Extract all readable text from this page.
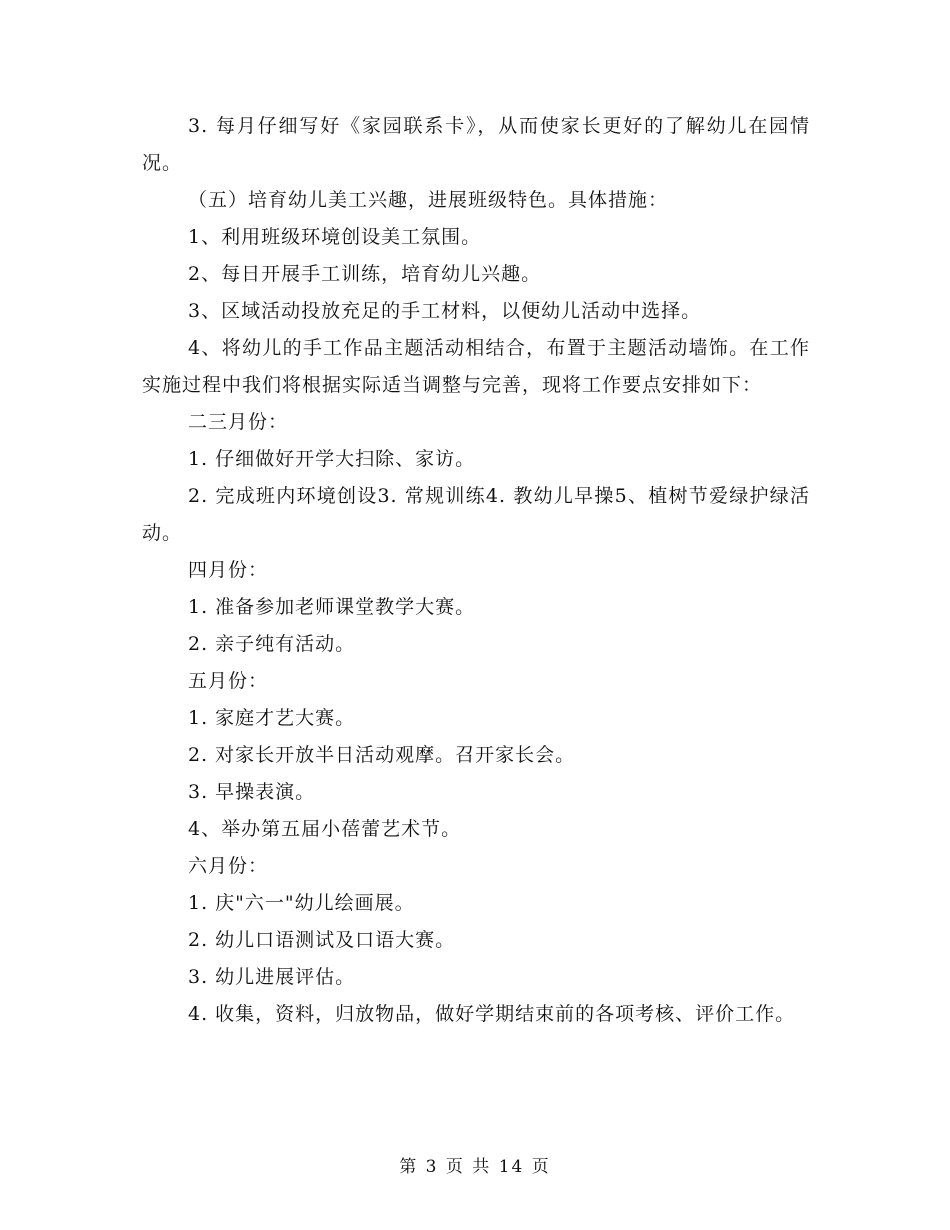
3. 每月仔细写好《家园联系卡》，从而使家长更好的了解幼儿在园情况。

（五）培育幼儿美工兴趣，进展班级特色。具体措施：

1、利用班级环境创设美工氛围。

2、每日开展手工训练，培育幼儿兴趣。

3、区域活动投放充足的手工材料，以便幼儿活动中选择。

4、将幼儿的手工作品主题活动相结合，布置于主题活动墙饰。在工作实施过程中我们将根据实际适当调整与完善，现将工作要点安排如下：

二三月份：

1. 仔细做好开学大扫除、家访。

2. 完成班内环境创设3. 常规训练4. 教幼儿早操5、植树节爱绿护绿活动。

四月份：

1. 准备参加老师课堂教学大赛。

2. 亲子纯有活动。

五月份：

1. 家庭才艺大赛。

2. 对家长开放半日活动观摩。召开家长会。

3. 早操表演。

4、举办第五届小蓓蕾艺术节。

六月份：

1. 庆"六一"幼儿绘画展。

2. 幼儿口语测试及口语大赛。

3. 幼儿进展评估。

4. 收集，资料，归放物品，做好学期结束前的各项考核、评价工作。

第 3 页 共 14 页
